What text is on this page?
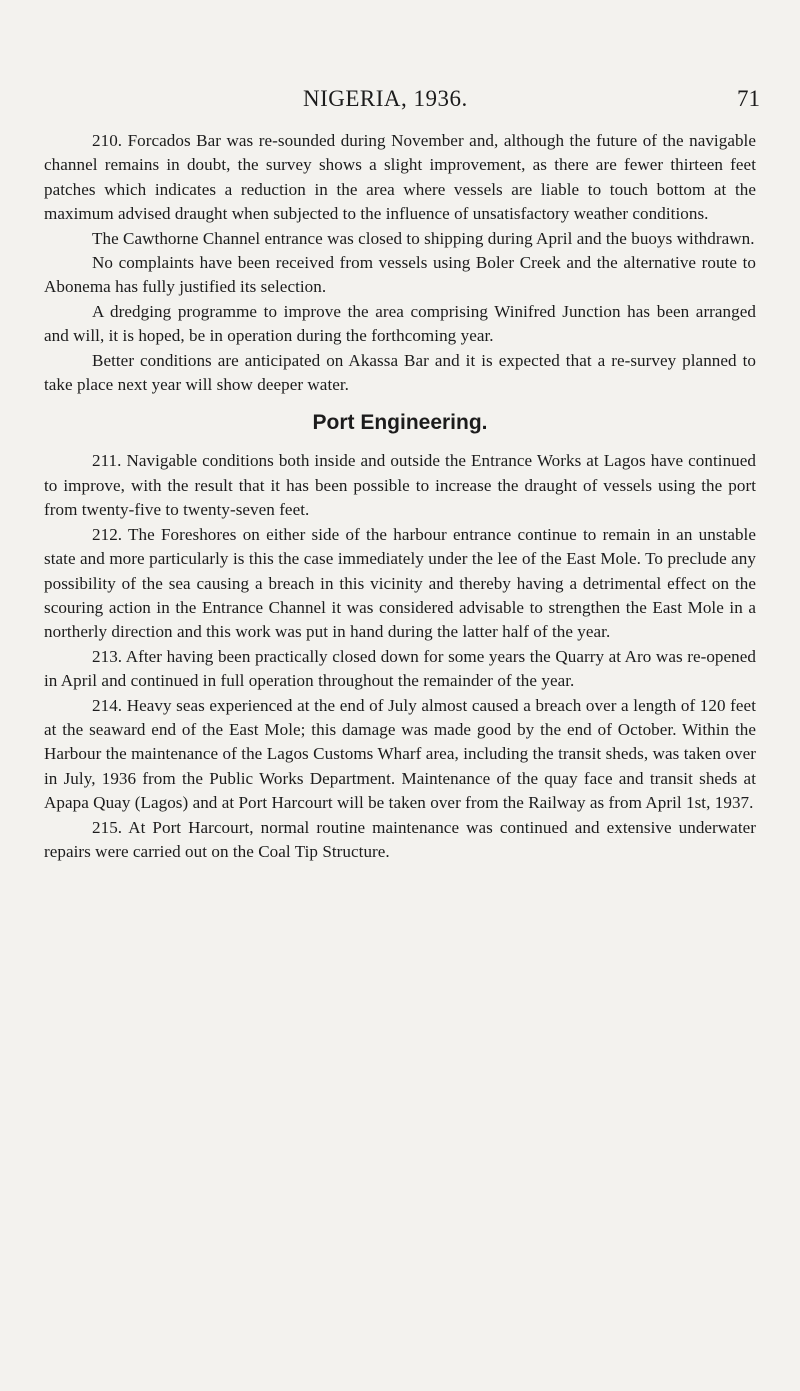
NIGERIA, 1936.	71

210. Forcados Bar was re-sounded during November and, although the future of the navigable channel remains in doubt, the survey shows a slight improvement, as there are fewer thirteen feet patches which indicates a reduction in the area where vessels are liable to touch bottom at the maximum advised draught when subjected to the influence of unsatisfactory weather conditions.

The Cawthorne Channel entrance was closed to shipping during April and the buoys withdrawn.

No complaints have been received from vessels using Boler Creek and the alternative route to Abonema has fully justified its selection.

A dredging programme to improve the area comprising Winifred Junction has been arranged and will, it is hoped, be in operation during the forthcoming year.

Better conditions are anticipated on Akassa Bar and it is expected that a re-survey planned to take place next year will show deeper water.

Port Engineering.

211. Navigable conditions both inside and outside the Entrance Works at Lagos have continued to improve, with the result that it has been possible to increase the draught of vessels using the port from twenty-five to twenty-seven feet.

212. The Foreshores on either side of the harbour entrance continue to remain in an unstable state and more particularly is this the case immediately under the lee of the East Mole. To preclude any possibility of the sea causing a breach in this vicinity and thereby having a detrimental effect on the scouring action in the Entrance Channel it was considered advisable to strengthen the East Mole in a northerly direction and this work was put in hand during the latter half of the year.

213. After having been practically closed down for some years the Quarry at Aro was re-opened in April and continued in full operation throughout the remainder of the year.

214. Heavy seas experienced at the end of July almost caused a breach over a length of 120 feet at the seaward end of the East Mole; this damage was made good by the end of October. Within the Harbour the maintenance of the Lagos Customs Wharf area, including the transit sheds, was taken over in July, 1936 from the Public Works Department. Maintenance of the quay face and transit sheds at Apapa Quay (Lagos) and at Port Harcourt will be taken over from the Railway as from April 1st, 1937.

215. At Port Harcourt, normal routine maintenance was continued and extensive underwater repairs were carried out on the Coal Tip Structure.
